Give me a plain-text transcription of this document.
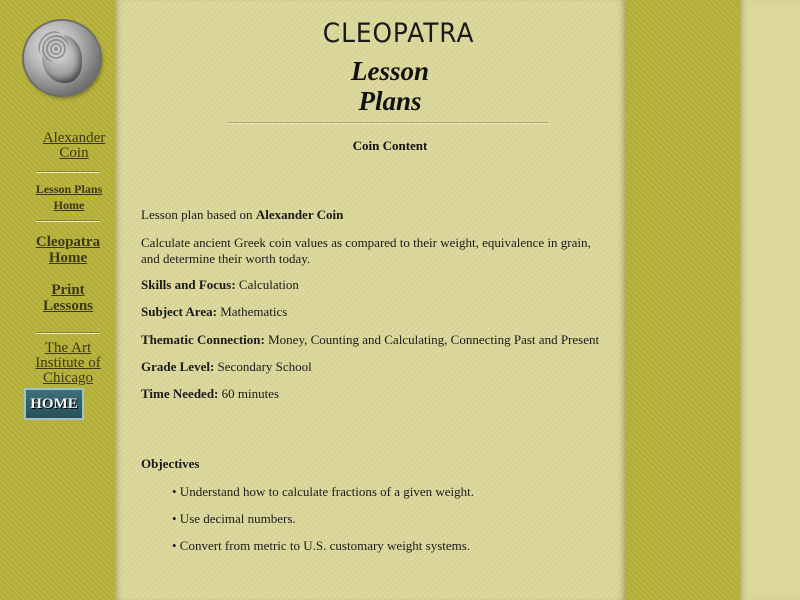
Alexander
Coin
Lesson Plans
Home
Cleopatra
Home
Print
Lessons
The Art
Institute of
Chicago
HOME
CLEOPATRA
Lesson
Plans
Coin Content
Lesson plan based on Alexander Coin
Calculate ancient Greek coin values as compared to their weight, equivalence in grain, and determine their worth today.
Skills and Focus: Calculation
Subject Area: Mathematics
Thematic Connection: Money, Counting and Calculating, Connecting Past and Present
Grade Level: Secondary School
Time Needed: 60 minutes
Objectives
• Understand how to calculate fractions of a given weight.
• Use decimal numbers.
• Convert from metric to U.S. customary weight systems.
